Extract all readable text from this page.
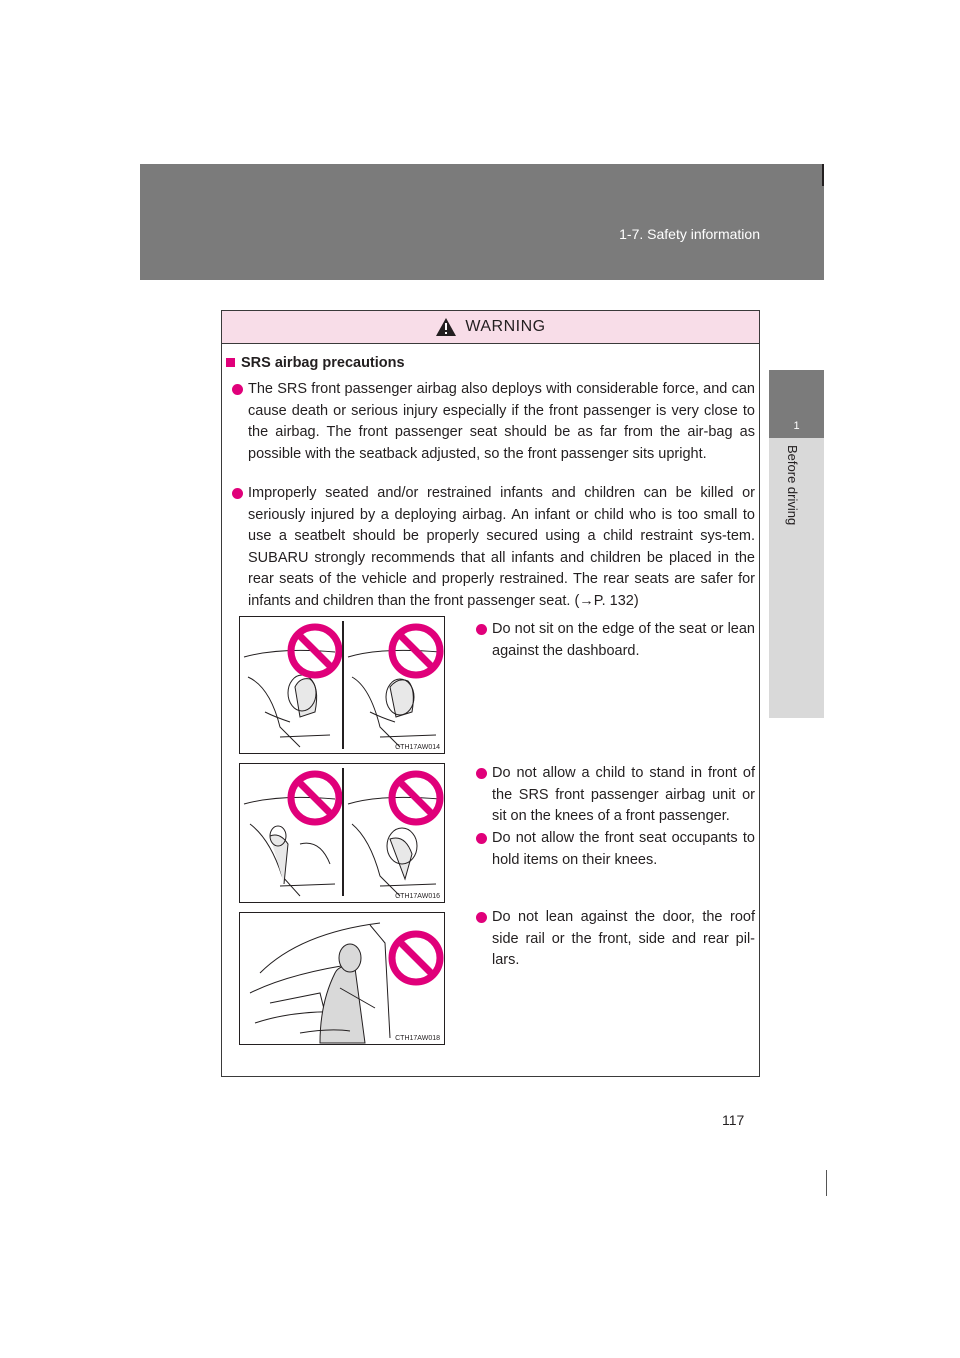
1-7. Safety information
1
Before driving
WARNING
SRS airbag precautions
The SRS front passenger airbag also deploys with considerable force, and can cause death or serious injury especially if the front passenger is very close to the airbag. The front passenger seat should be as far from the air-bag as possible with the seatback adjusted, so the front passenger sits upright.
Improperly seated and/or restrained infants and children can be killed or seriously injured by a deploying airbag. An infant or child who is too small to use a seatbelt should be properly secured using a child restraint sys-tem. SUBARU strongly recommends that all infants and children be placed in the rear seats of the vehicle and properly restrained. The rear seats are safer for infants and children than the front passenger seat. (→P. 132)
CTH17AW014
Do not sit on the edge of the seat or lean against the dashboard.
CTH17AW016
Do not allow a child to stand in front of the SRS front passenger airbag unit or sit on the knees of a front passenger.
Do not allow the front seat occupants to hold items on their knees.
CTH17AW018
Do not lean against the door, the roof side rail or the front, side and rear pil-lars.
117
